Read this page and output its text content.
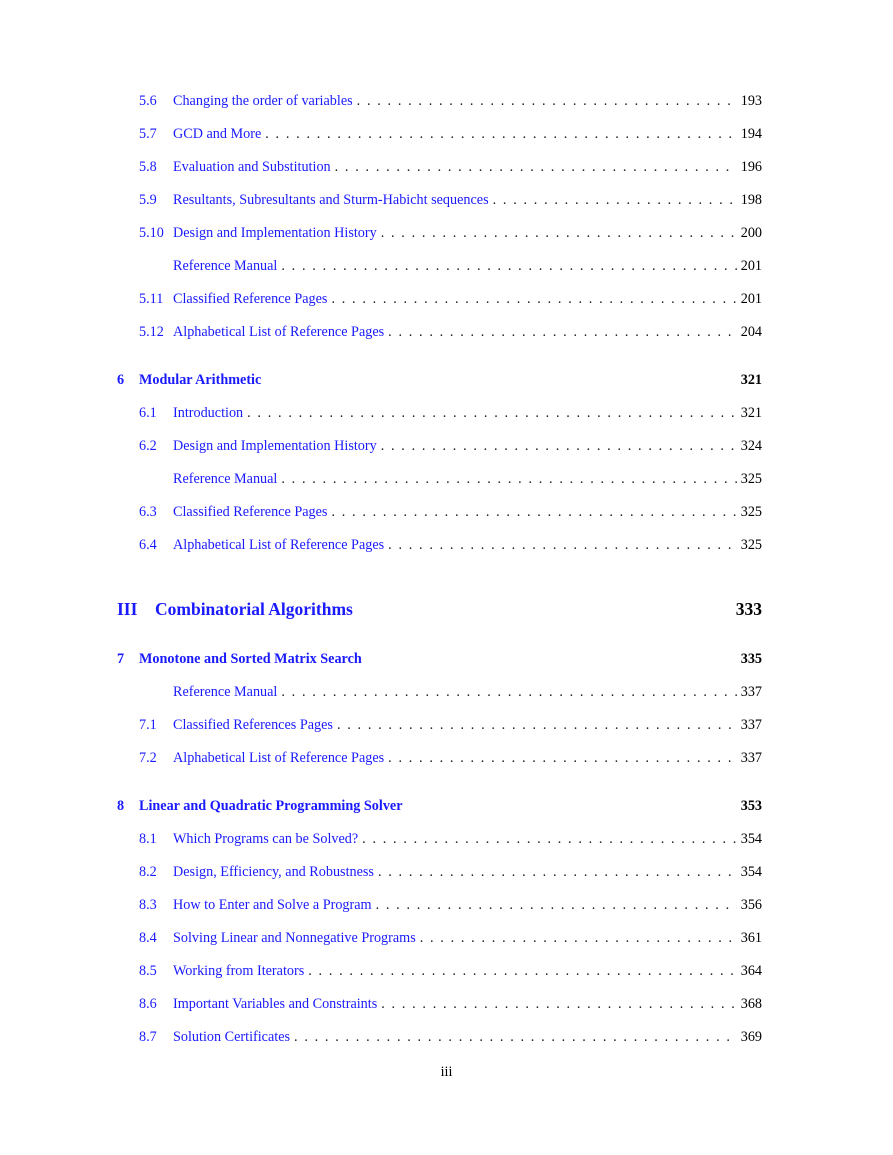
5.6	Changing the order of variables . . .	193
5.7	GCD and More . . .	194
5.8	Evaluation and Substitution . . .	196
5.9	Resultants, Subresultants and Sturm-Habicht sequences . . .	198
5.10 Design and Implementation History . . .	200
Reference Manual . . .	201
5.11 Classified Reference Pages . . .	201
5.12 Alphabetical List of Reference Pages . . .	204
6	Modular Arithmetic	321
6.1	Introduction . . .	321
6.2	Design and Implementation History . . .	324
Reference Manual . . .	325
6.3	Classified Reference Pages . . .	325
6.4	Alphabetical List of Reference Pages . . .	325
III	Combinatorial Algorithms	333
7	Monotone and Sorted Matrix Search	335
Reference Manual . . .	337
7.1	Classified References Pages . . .	337
7.2	Alphabetical List of Reference Pages . . .	337
8	Linear and Quadratic Programming Solver	353
8.1	Which Programs can be Solved? . . .	354
8.2	Design, Efficiency, and Robustness . . .	354
8.3	How to Enter and Solve a Program . . .	356
8.4	Solving Linear and Nonnegative Programs . . .	361
8.5	Working from Iterators . . .	364
8.6	Important Variables and Constraints . . .	368
8.7	Solution Certificates . . .	369
iii
